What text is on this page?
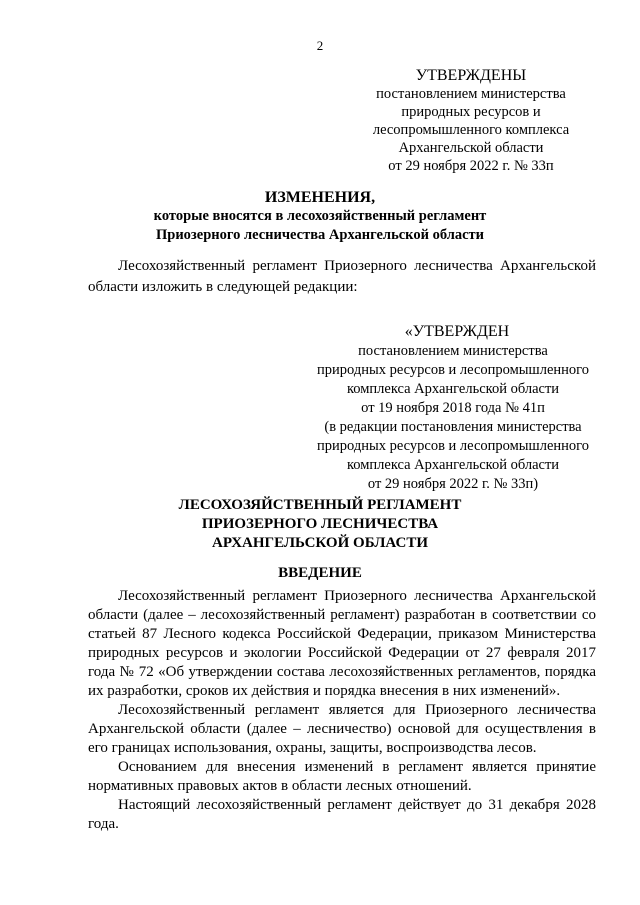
2
УТВЕРЖДЕНЫ
постановлением министерства
природных ресурсов и
лесопромышленного комплекса
Архангельской области
от 29 ноября 2022 г. № 33п
ИЗМЕНЕНИЯ,
которые вносятся в лесохозяйственный регламент
Приозерного лесничества Архангельской области

Лесохозяйственный регламент Приозерного лесничества Архангельской области изложить в следующей редакции:

«УТВЕРЖДЕН
постановлением министерства
природных ресурсов и лесопромышленного
комплекса Архангельской области
от 19 ноября 2018 года № 41п
(в редакции постановления министерства
природных ресурсов и лесопромышленного
комплекса Архангельской области
от 29 ноября 2022 г. № 33п)
ЛЕСОХОЗЯЙСТВЕННЫЙ РЕГЛАМЕНТ
ПРИОЗЕРНОГО ЛЕСНИЧЕСТВА
АРХАНГЕЛЬСКОЙ ОБЛАСТИ
ВВЕДЕНИЕ

Лесохозяйственный регламент Приозерного лесничества Архангельской области (далее – лесохозяйственный регламент) разработан в соответствии со статьей 87 Лесного кодекса Российской Федерации, приказом Министерства природных ресурсов и экологии Российской Федерации от 27 февраля 2017 года № 72 «Об утверждении состава лесохозяйственных регламентов, порядка их разработки, сроков их действия и порядка внесения в них изменений».

Лесохозяйственный регламент является для Приозерного лесничества Архангельской области (далее – лесничество) основой для осуществления в его границах использования, охраны, защиты, воспроизводства лесов.

Основанием для внесения изменений в регламент является принятие нормативных правовых актов в области лесных отношений.

Настоящий лесохозяйственный регламент действует до 31 декабря 2028 года.
